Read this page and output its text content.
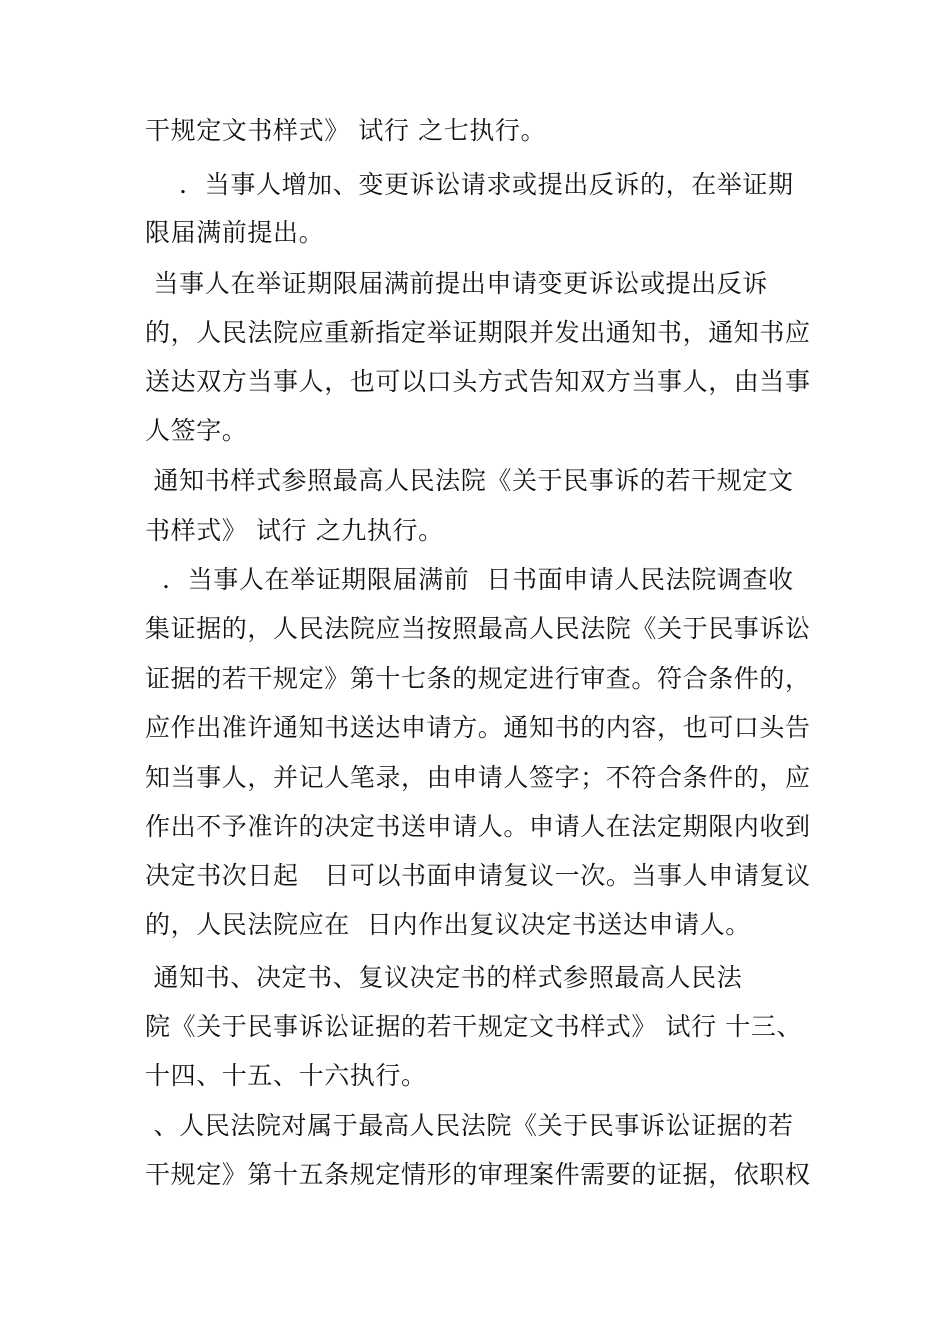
干规定文书样式》 试行 之七执行。
．当事人增加、变更诉讼请求或提出反诉的，在举证期
限届满前提出。
当事人在举证期限届满前提出申请变更诉讼或提出反诉
的，人民法院应重新指定举证期限并发出通知书，通知书应
送达双方当事人，也可以口头方式告知双方当事人，由当事
人签字。
通知书样式参照最高人民法院《关于民事诉的若干规定文
书样式》 试行 之九执行。
．当事人在举证期限届满前  日书面申请人民法院调查收
集证据的，人民法院应当按照最高人民法院《关于民事诉讼
证据的若干规定》第十七条的规定进行审查。符合条件的，
应作出准许通知书送达申请方。通知书的内容，也可口头告
知当事人，并记人笔录，由申请人签字；不符合条件的，应
作出不予准许的决定书送申请人。申请人在法定期限内收到
决定书次日起   日可以书面申请复议一次。当事人申请复议
的，人民法院应在  日内作出复议决定书送达申请人。
通知书、决定书、复议决定书的样式参照最高人民法
院《关于民事诉讼证据的若干规定文书样式》 试行 十三、
十四、十五、十六执行。
、人民法院对属于最高人民法院《关于民事诉讼证据的若
干规定》第十五条规定情形的审理案件需要的证据，依职权
